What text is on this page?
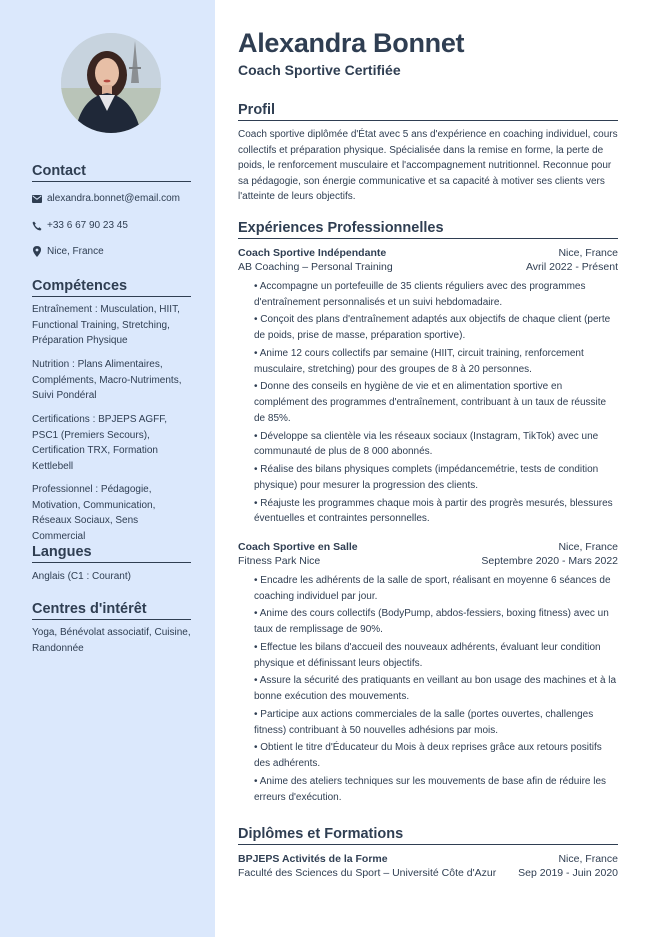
Contact
alexandra.bonnet@email.com
+33 6 67 90 23 45
Nice, France
Compétences
Entraînement : Musculation, HIIT, Functional Training, Stretching, Préparation Physique
Nutrition : Plans Alimentaires, Compléments, Macro-Nutriments, Suivi Pondéral
Certifications : BPJEPS AGFF, PSC1 (Premiers Secours), Certification TRX, Formation Kettlebell
Professionnel : Pédagogie, Motivation, Communication, Réseaux Sociaux, Sens Commercial
Langues
Anglais (C1 : Courant)
Centres d'intérêt
Yoga, Bénévolat associatif, Cuisine, Randonnée
Alexandra Bonnet
Coach Sportive Certifiée
Profil
Coach sportive diplômée d'État avec 5 ans d'expérience en coaching individuel, cours collectifs et préparation physique. Spécialisée dans la remise en forme, la perte de poids, le renforcement musculaire et l'accompagnement nutritionnel. Reconnue pour sa pédagogie, son énergie communicative et sa capacité à motiver ses clients vers l'atteinte de leurs objectifs.
Expériences Professionnelles
Coach Sportive Indépendante	Nice, France
AB Coaching – Personal Training	Avril 2022 - Présent
• Accompagne un portefeuille de 35 clients réguliers avec des programmes d'entraînement personnalisés et un suivi hebdomadaire.
• Conçoit des plans d'entraînement adaptés aux objectifs de chaque client (perte de poids, prise de masse, préparation sportive).
• Anime 12 cours collectifs par semaine (HIIT, circuit training, renforcement musculaire, stretching) pour des groupes de 8 à 20 personnes.
• Donne des conseils en hygiène de vie et en alimentation sportive en complément des programmes d'entraînement, contribuant à un taux de réussite de 85%.
• Développe sa clientèle via les réseaux sociaux (Instagram, TikTok) avec une communauté de plus de 8 000 abonnés.
• Réalise des bilans physiques complets (impédancemétrie, tests de condition physique) pour mesurer la progression des clients.
• Réajuste les programmes chaque mois à partir des progrès mesurés, blessures éventuelles et contraintes personnelles.
Coach Sportive en Salle	Nice, France
Fitness Park Nice	Septembre 2020 - Mars 2022
• Encadre les adhérents de la salle de sport, réalisant en moyenne 6 séances de coaching individuel par jour.
• Anime des cours collectifs (BodyPump, abdos-fessiers, boxing fitness) avec un taux de remplissage de 90%.
• Effectue les bilans d'accueil des nouveaux adhérents, évaluant leur condition physique et définissant leurs objectifs.
• Assure la sécurité des pratiquants en veillant au bon usage des machines et à la bonne exécution des mouvements.
• Participe aux actions commerciales de la salle (portes ouvertes, challenges fitness) contribuant à 50 nouvelles adhésions par mois.
• Obtient le titre d'Éducateur du Mois à deux reprises grâce aux retours positifs des adhérents.
• Anime des ateliers techniques sur les mouvements de base afin de réduire les erreurs d'exécution.
Diplômes et Formations
BPJEPS Activités de la Forme	Nice, France
Faculté des Sciences du Sport – Université Côte d'Azur Sep 2019 - Juin 2020
